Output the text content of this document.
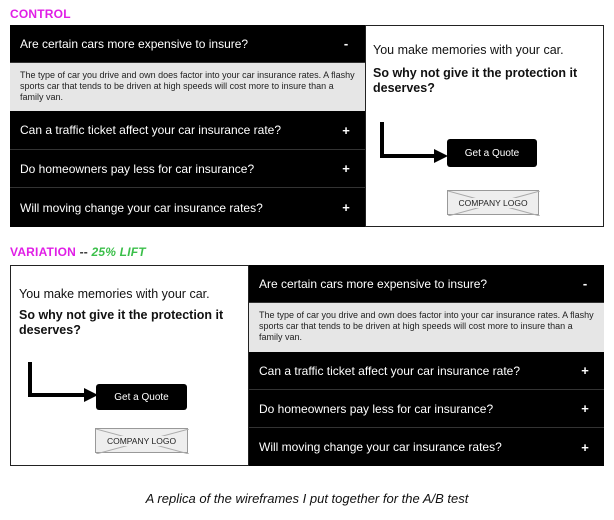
CONTROL
Are certain cars more expensive to insure?	-
The type of car you drive and own does factor into your car insurance rates. A flashy sports car that tends to be driven at high speeds will cost more to insure than a family van.
Can a traffic ticket affect your car insurance rate?	+
Do homeowners pay less for car insurance?	+
Will moving change your car insurance rates?	+
You make memories with your car.
So why not give it the protection it deserves?
Get a Quote
COMPANY LOGO
VARIATION -- 25% LIFT
You make memories with your car.
So why not give it the protection it deserves?
Get a Quote
COMPANY LOGO
Are certain cars more expensive to insure?	-
The type of car you drive and own does factor into your car insurance rates. A flashy sports car that tends to be driven at high speeds will cost more to insure than a family van.
Can a traffic ticket affect your car insurance rate?	+
Do homeowners pay less for car insurance?	+
Will moving change your car insurance rates?	+
A replica of the wireframes I put together for the A/B test
